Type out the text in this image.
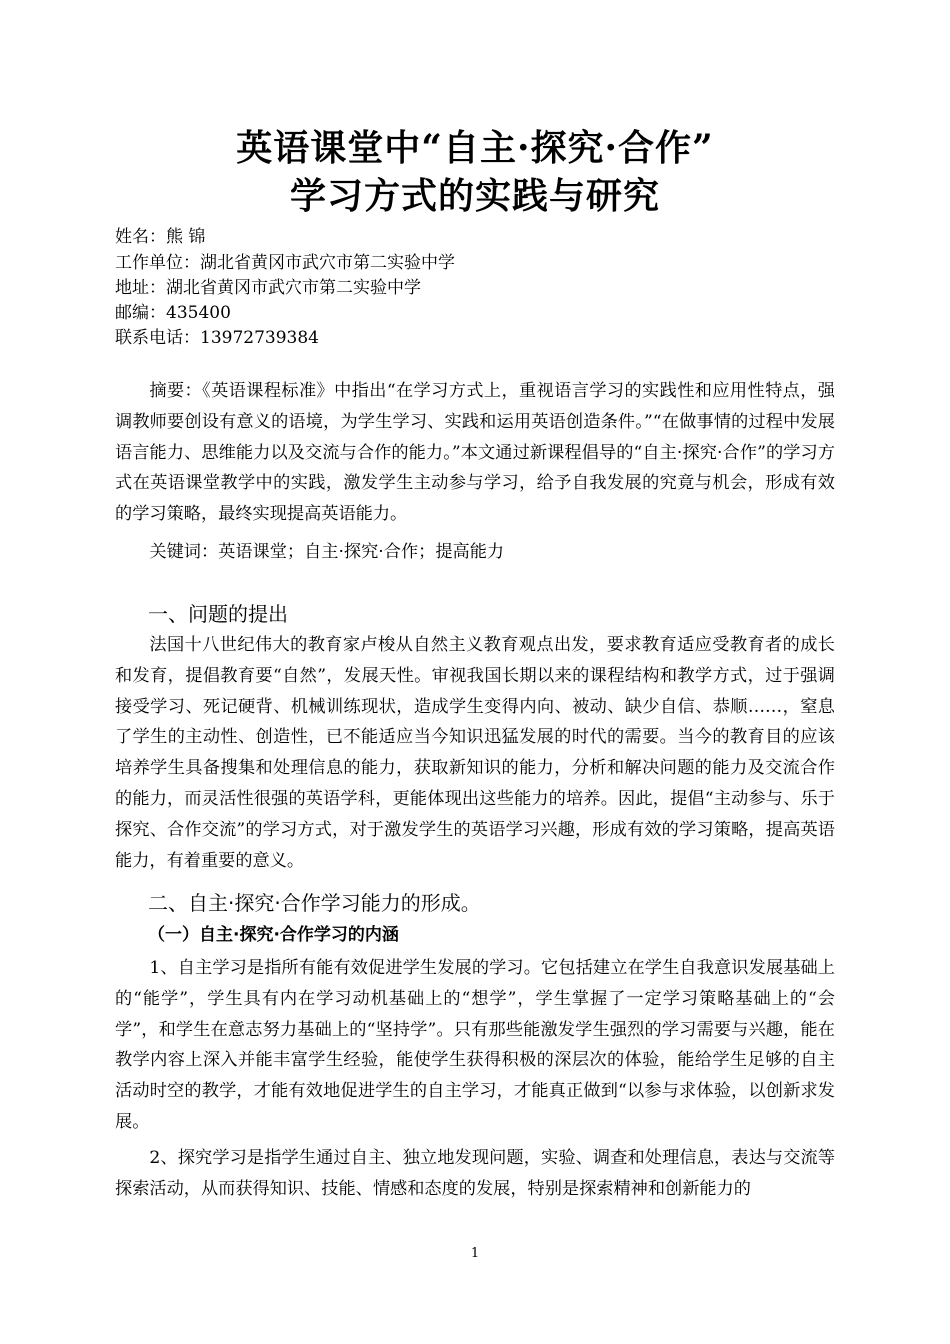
英语课堂中“自主·探究·合作”
学习方式的实践与研究
姓名：熊 锦
工作单位：湖北省黄冈市武穴市第二实验中学
地址：湖北省黄冈市武穴市第二实验中学
邮编：435400
联系电话：13972739384

摘要：《英语课程标准》中指出“在学习方式上，重视语言学习的实践性和应用性特点，强调教师要创设有意义的语境，为学生学习、实践和运用英语创造条件。”“在做事情的过程中发展语言能力、思维能力以及交流与合作的能力。”本文通过新课程倡导的“自主·探究·合作”的学习方式在英语课堂教学中的实践，激发学生主动参与学习，给予自我发展的究竟与机会，形成有效的学习策略，最终实现提高英语能力。

关键词：英语课堂；自主·探究·合作；提高能力

一、问题的提出

法国十八世纪伟大的教育家卢梭从自然主义教育观点出发，要求教育适应受教育者的成长和发育，提倡教育要“自然”，发展天性。审视我国长期以来的课程结构和教学方式，过于强调接受学习、死记硬背、机械训练现状，造成学生变得内向、被动、缺少自信、恭顺……，窒息了学生的主动性、创造性，已不能适应当今知识迅猛发展的时代的需要。当今的教育目的应该培养学生具备搜集和处理信息的能力，获取新知识的能力，分析和解决问题的能力及交流合作的能力，而灵活性很强的英语学科，更能体现出这些能力的培养。因此，提倡“主动参与、乐于探究、合作交流”的学习方式，对于激发学生的英语学习兴趣，形成有效的学习策略，提高英语能力，有着重要的意义。

二、自主·探究·合作学习能力的形成。
（一）自主·探究·合作学习的内涵

1、自主学习是指所有能有效促进学生发展的学习。它包括建立在学生自我意识发展基础上的“能学”，学生具有内在学习动机基础上的“想学”，学生掌握了一定学习策略基础上的“会学”，和学生在意志努力基础上的“坚持学”。只有那些能激发学生强烈的学习需要与兴趣，能在教学内容上深入并能丰富学生经验，能使学生获得积极的深层次的体验，能给学生足够的自主活动时空的教学，才能有效地促进学生的自主学习，才能真正做到“以参与求体验，以创新求发展。

2、探究学习是指学生通过自主、独立地发现问题，实验、调查和处理信息，表达与交流等探索活动，从而获得知识、技能、情感和态度的发展，特别是探索精神和创新能力的

1
